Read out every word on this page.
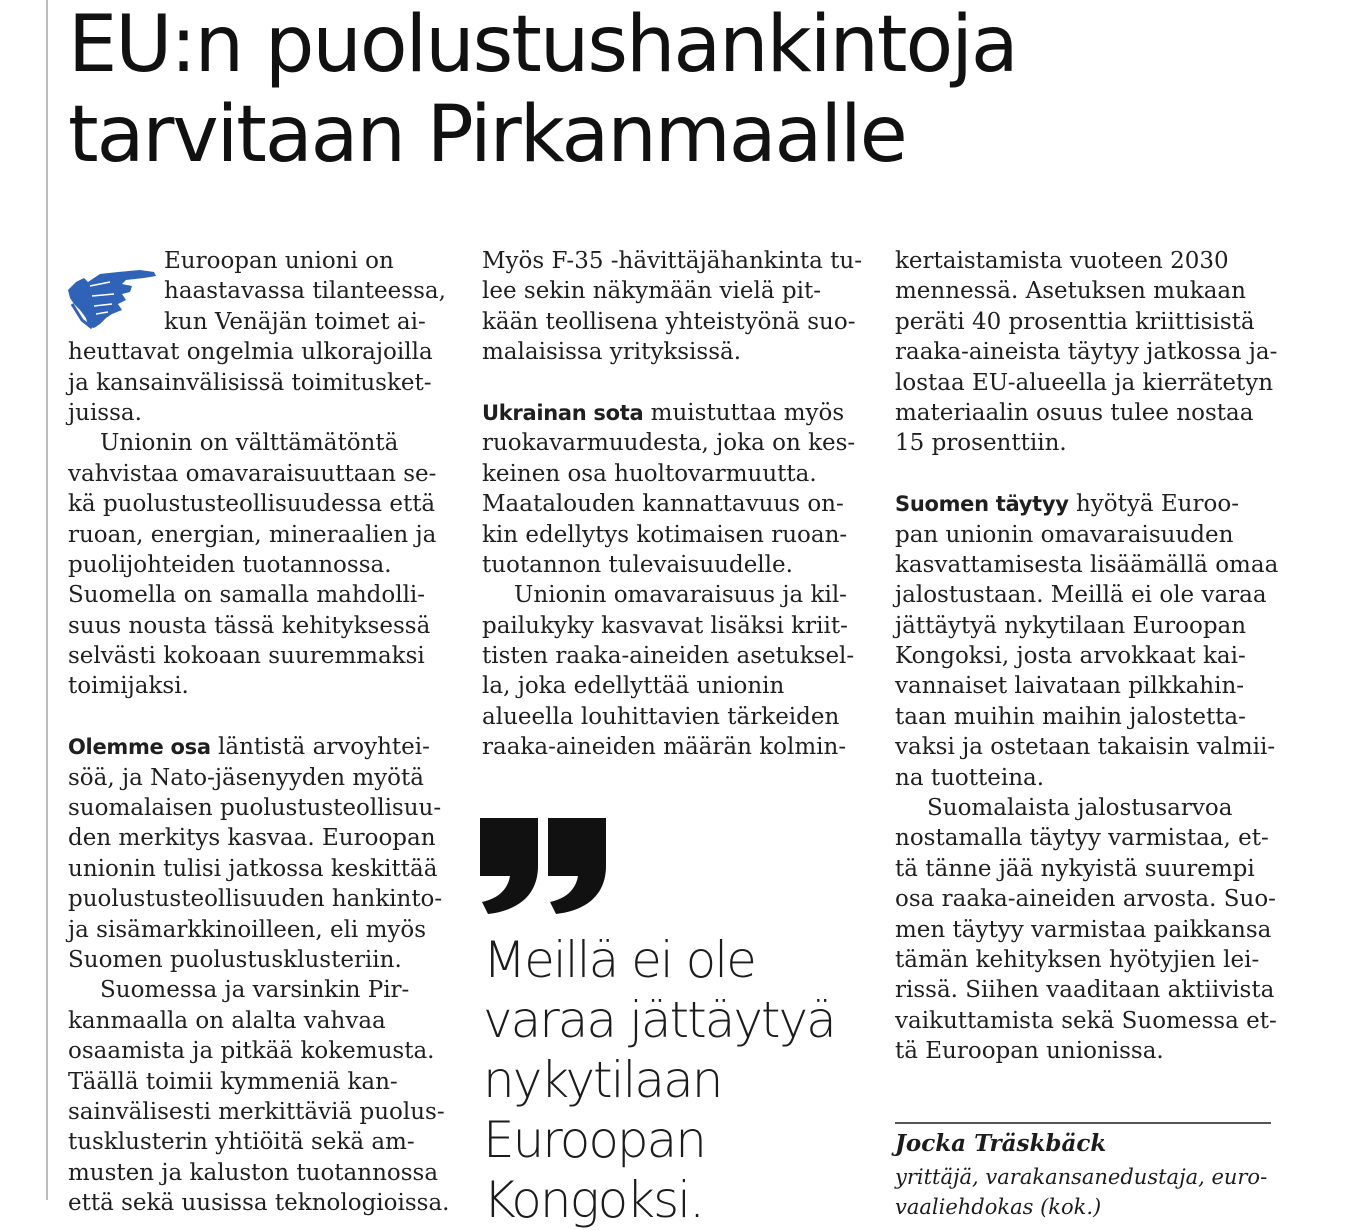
EU:n puolustushankintoja
tarvitaan Pirkanmaalle
Euroopan unioni on
haastavassa tilanteessa,
kun Venäjän toimet ai-
heuttavat ongelmia ulkorajoilla
ja kansainvälisissä toimitusket-
juissa.
Unionin on välttämätöntä
vahvistaa omavaraisuuttaan se-
kä puolustusteollisuudessa että
ruoan, energian, mineraalien ja
puolijohteiden tuotannossa.
Suomella on samalla mahdolli-
suus nousta tässä kehityksessä
selvästi kokoaan suuremmaksi
toimijaksi.
Olemme osa läntistä arvoyhtei-
söä, ja Nato-jäsenyyden myötä
suomalaisen puolustusteollisuu-
den merkitys kasvaa. Euroopan
unionin tulisi jatkossa keskittää
puolustusteollisuuden hankinto-
ja sisämarkkinoilleen, eli myös
Suomen puolustusklusteriin.
Suomessa ja varsinkin Pir-
kanmaalla on alalta vahvaa
osaamista ja pitkää kokemusta.
Täällä toimii kymmeniä kan-
sainvälisesti merkittäviä puolus-
tusklusterin yhtiöitä sekä am-
musten ja kaluston tuotannossa
että sekä uusissa teknologioissa.
Myös F-35 -hävittäjähankinta tu-
lee sekin näkymään vielä pit-
kään teollisena yhteistyönä suo-
malaisissa yrityksissä.
Ukrainan sota muistuttaa myös
ruokavarmuudesta, joka on kes-
keinen osa huoltovarmuutta.
Maatalouden kannattavuus on-
kin edellytys kotimaisen ruoan-
tuotannon tulevaisuudelle.
Unionin omavaraisuus ja kil-
pailukyky kasvavat lisäksi kriit-
tisten raaka-aineiden asetuksel-
la, joka edellyttää unionin
alueella louhittavien tärkeiden
raaka-aineiden määrän kolmin-
Meillä ei ole
varaa jättäytyä
nykytilaan
Euroopan
Kongoksi.
kertaistamista vuoteen 2030
mennessä. Asetuksen mukaan
peräti 40 prosenttia kriittisistä
raaka-aineista täytyy jatkossa ja-
lostaa EU-alueella ja kierrätetyn
materiaalin osuus tulee nostaa
15 prosenttiin.
Suomen täytyy hyötyä Euroo-
pan unionin omavaraisuuden
kasvattamisesta lisäämällä omaa
jalostustaan. Meillä ei ole varaa
jättäytyä nykytilaan Euroopan
Kongoksi, josta arvokkaat kai-
vannaiset laivataan pilkkahin-
taan muihin maihin jalostetta-
vaksi ja ostetaan takaisin valmii-
na tuotteina.
Suomalaista jalostusarvoa
nostamalla täytyy varmistaa, et-
tä tänne jää nykyistä suurempi
osa raaka-aineiden arvosta. Suo-
men täytyy varmistaa paikkansa
tämän kehityksen hyötyjien lei-
rissä. Siihen vaaditaan aktiivista
vaikuttamista sekä Suomessa et-
tä Euroopan unionissa.
Jocka Träskbäck
yrittäjä, varakansanedustaja, euro-
vaaliehdokas (kok.)
